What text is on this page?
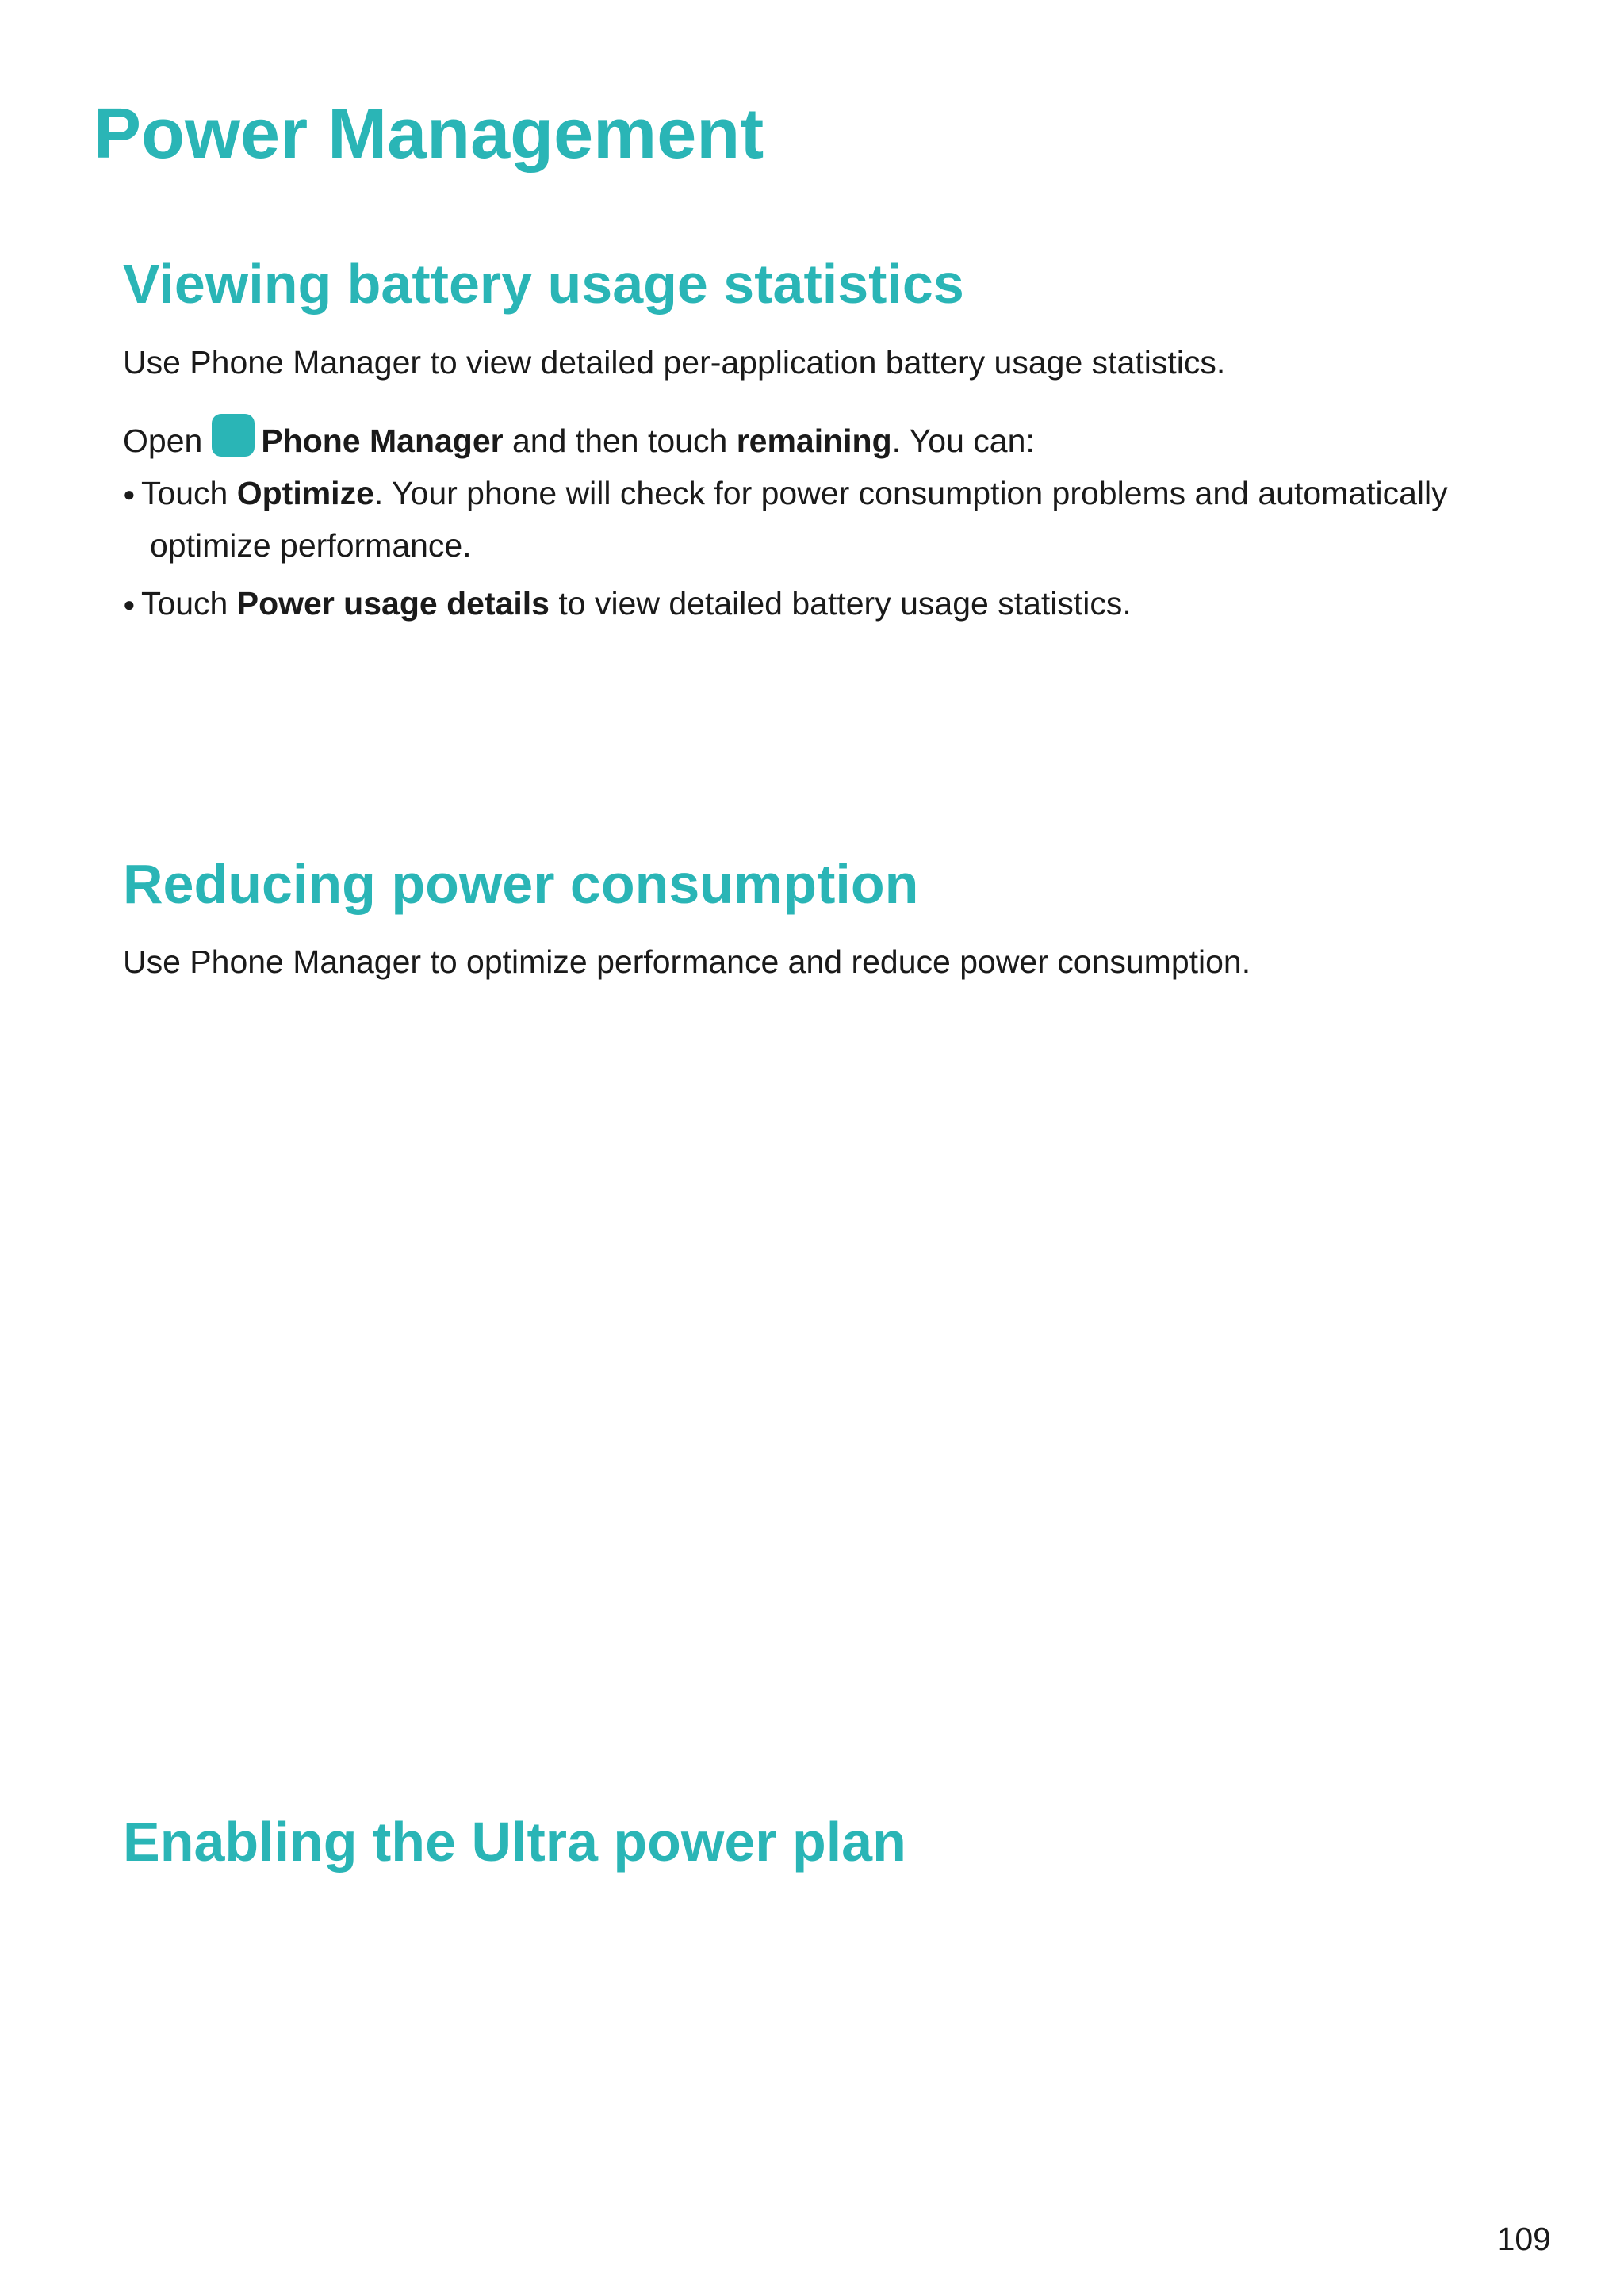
Power Management
Viewing battery usage statistics

Use Phone Manager to view detailed per-application battery usage statistics.

Open Phone Manager and then touch remaining. You can:
● Touch Optimize. Your phone will check for power consumption problems and automatically optimize performance.
● Touch Power usage details to view detailed battery usage statistics.
Reducing power consumption

Use Phone Manager to optimize performance and reduce power consumption.

Enabling the Ultra power plan
109
